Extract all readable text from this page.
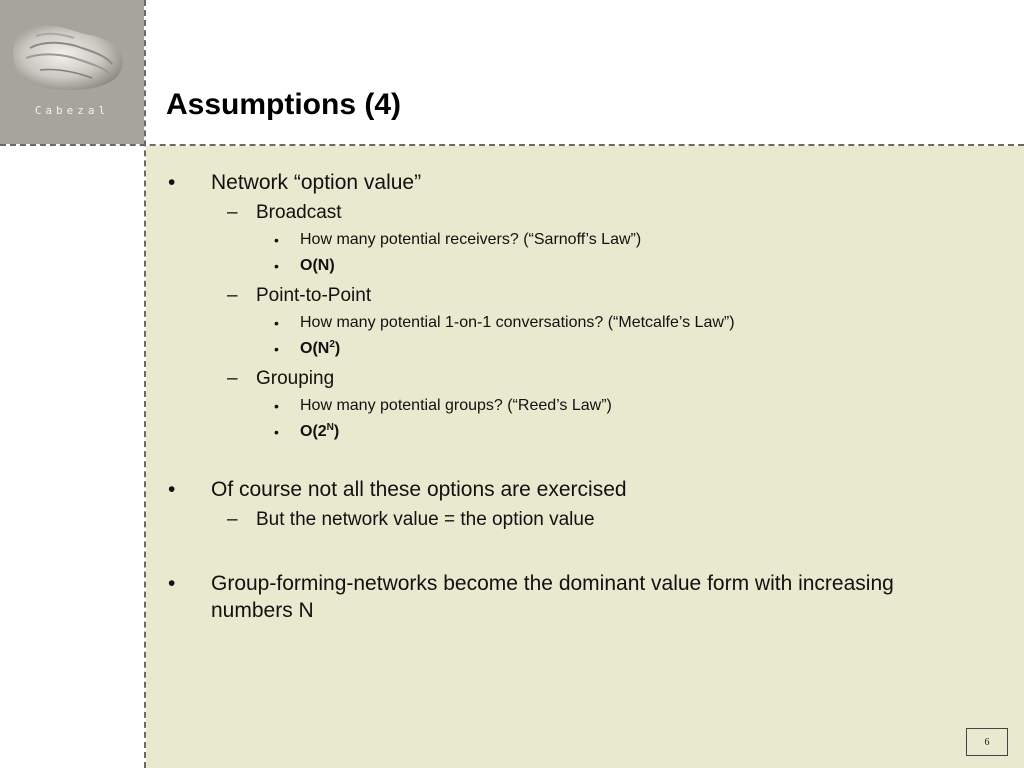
Cabezal	Assumptions (4)
•	Network “option value”
– Broadcast
•	How many potential receivers? (“Sarnoff’s Law”)
•	O(N)
– Point-to-Point
•	How many potential 1-on-1 conversations? (“Metcalfe’s Law”)
•	$O(N^2)$
– Grouping
•	How many potential groups? (“Reed’s Law”)
•	$O(2^N)$
•	Of course not all these options are exercised
– But the network value = the option value
•	Group-forming-networks become the dominant value form with increasing numbers N
6
